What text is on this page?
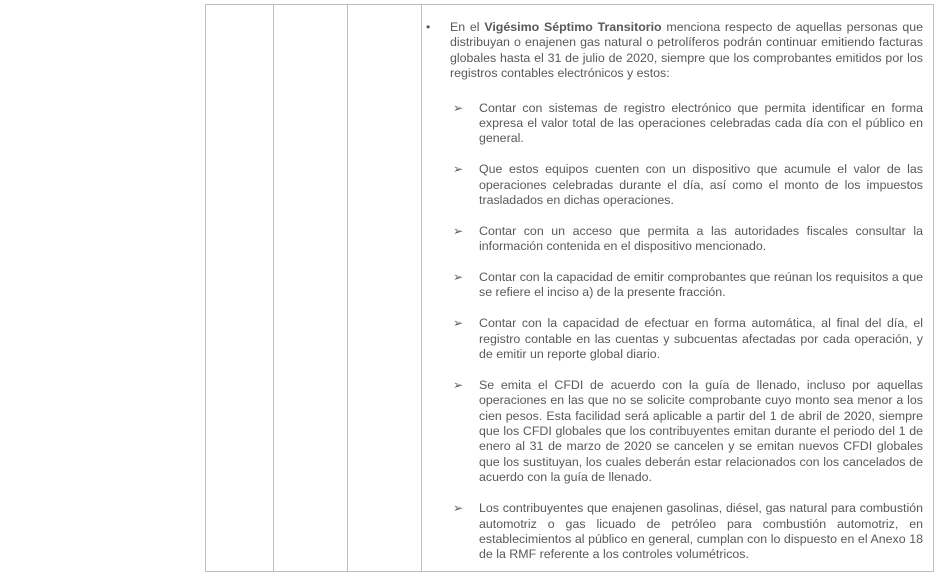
• En el Vigésimo Séptimo Transitorio menciona respecto de aquellas personas que distribuyan o enajenen gas natural o petrolíferos podrán continuar emitiendo facturas globales hasta el 31 de julio de 2020, siempre que los comprobantes emitidos por los registros contables electrónicos y estos:

➢ Contar con sistemas de registro electrónico que permita identificar en forma expresa el valor total de las operaciones celebradas cada día con el público en general.
➢ Que estos equipos cuenten con un dispositivo que acumule el valor de las operaciones celebradas durante el día, así como el monto de los impuestos trasladados en dichas operaciones.
➢ Contar con un acceso que permita a las autoridades fiscales consultar la información contenida en el dispositivo mencionado.
➢ Contar con la capacidad de emitir comprobantes que reúnan los requisitos a que se refiere el inciso a) de la presente fracción.
➢ Contar con la capacidad de efectuar en forma automática, al final del día, el registro contable en las cuentas y subcuentas afectadas por cada operación, y de emitir un reporte global diario.
➢ Se emita el CFDI de acuerdo con la guía de llenado, incluso por aquellas operaciones en las que no se solicite comprobante cuyo monto sea menor a los cien pesos. Esta facilidad será aplicable a partir del 1 de abril de 2020, siempre que los CFDI globales que los contribuyentes emitan durante el periodo del 1 de enero al 31 de marzo de 2020 se cancelen y se emitan nuevos CFDI globales que los sustituyan, los cuales deberán estar relacionados con los cancelados de acuerdo con la guía de llenado.
➢ Los contribuyentes que enajenen gasolinas, diésel, gas natural para combustión automotriz o gas licuado de petróleo para combustión automotriz, en establecimientos al público en general, cumplan con lo dispuesto en el Anexo 18 de la RMF referente a los controles volumétricos.
